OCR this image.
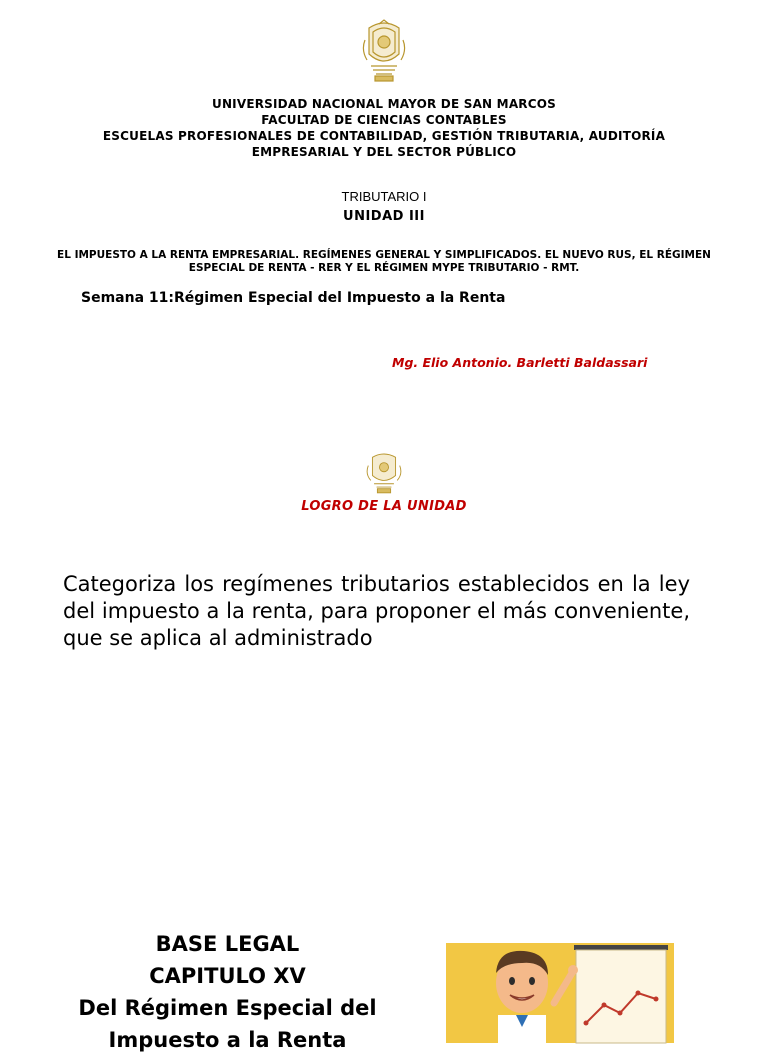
UNIVERSIDAD NACIONAL MAYOR DE SAN MARCOS
FACULTAD DE CIENCIAS CONTABLES
ESCUELAS PROFESIONALES DE CONTABILIDAD, GESTIÓN TRIBUTARIA, AUDITORÍA EMPRESARIAL Y DEL SECTOR PÚBLICO
TRIBUTARIO I
UNIDAD III
EL IMPUESTO A LA RENTA EMPRESARIAL. REGÍMENES GENERAL Y SIMPLIFICADOS. EL NUEVO RUS, EL RÉGIMEN ESPECIAL DE RENTA - RER Y EL RÉGIMEN MYPE TRIBUTARIO - RMT.
Semana 11:Régimen Especial del Impuesto a la Renta
Mg. Elio Antonio. Barletti Baldassari
LOGRO DE LA UNIDAD
Categoriza los regímenes tributarios establecidos en la ley del impuesto a la renta, para proponer el más conveniente, que se aplica al administrado
BASE LEGAL
CAPITULO XV
Del Régimen Especial del
Impuesto a la Renta
